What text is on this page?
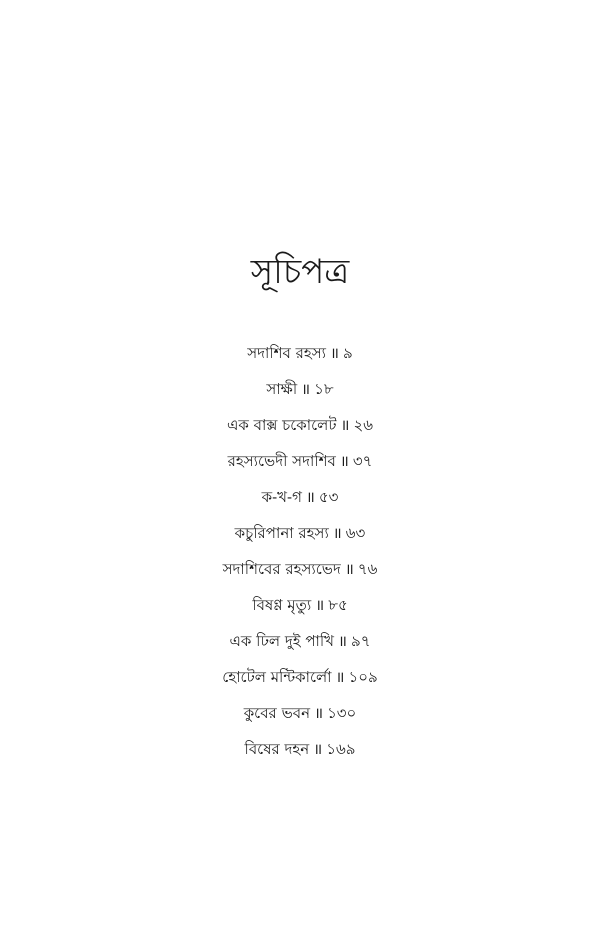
সূচিপত্র
সদাশিব রহস্য ॥ ৯
সাক্ষী ॥ ১৮
এক বাক্স চকোলেট ॥ ২৬
রহস্যভেদী সদাশিব ॥ ৩৭
ক-খ-গ ॥ ৫৩
কচুরিপানা রহস্য ॥ ৬৩
সদাশিবের রহস্যভেদ ॥ ৭৬
বিষণ্ণ মৃত্যু ॥ ৮৫
এক ঢিল দুই পাখি ॥ ৯৭
হোটেল মন্টিকার্লো ॥ ১০৯
কুবের ভবন ॥ ১৩০
বিষের দহন ॥ ১৬৯
